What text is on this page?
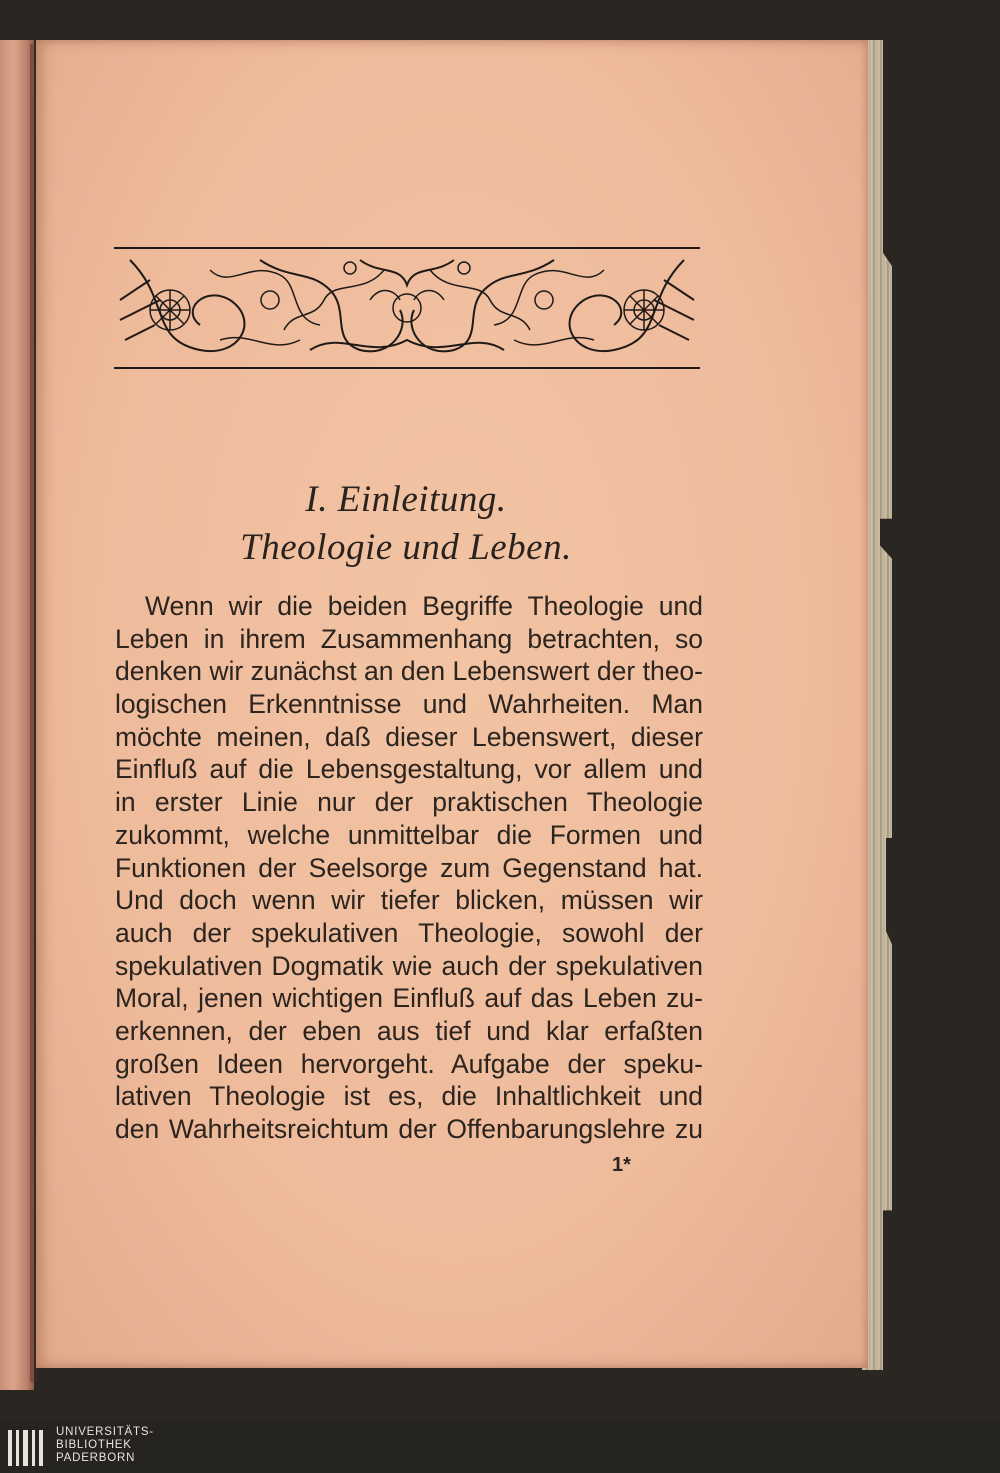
I. Einleitung.
Theologie und Leben.
Wenn wir die beiden Begriffe Theologie und
Leben in ihrem Zusammenhang betrachten, so
denken wir zunächst an den Lebenswert der theo-
logischen Erkenntnisse und Wahrheiten. Man
möchte meinen, daß dieser Lebenswert, dieser
Einfluß auf die Lebensgestaltung, vor allem und
in erster Linie nur der praktischen Theologie
zukommt, welche unmittelbar die Formen und
Funktionen der Seelsorge zum Gegenstand hat.
Und doch wenn wir tiefer blicken, müssen wir
auch der spekulativen Theologie, sowohl der
spekulativen Dogmatik wie auch der spekulativen
Moral, jenen wichtigen Einfluß auf das Leben zu-
erkennen, der eben aus tief und klar erfaßten
großen Ideen hervorgeht. Aufgabe der speku-
lativen Theologie ist es, die Inhaltlichkeit und
den Wahrheitsreichtum der Offenbarungslehre zu
1*
UNIVERSITÄTS-
BIBLIOTHEK
PADERBORN
